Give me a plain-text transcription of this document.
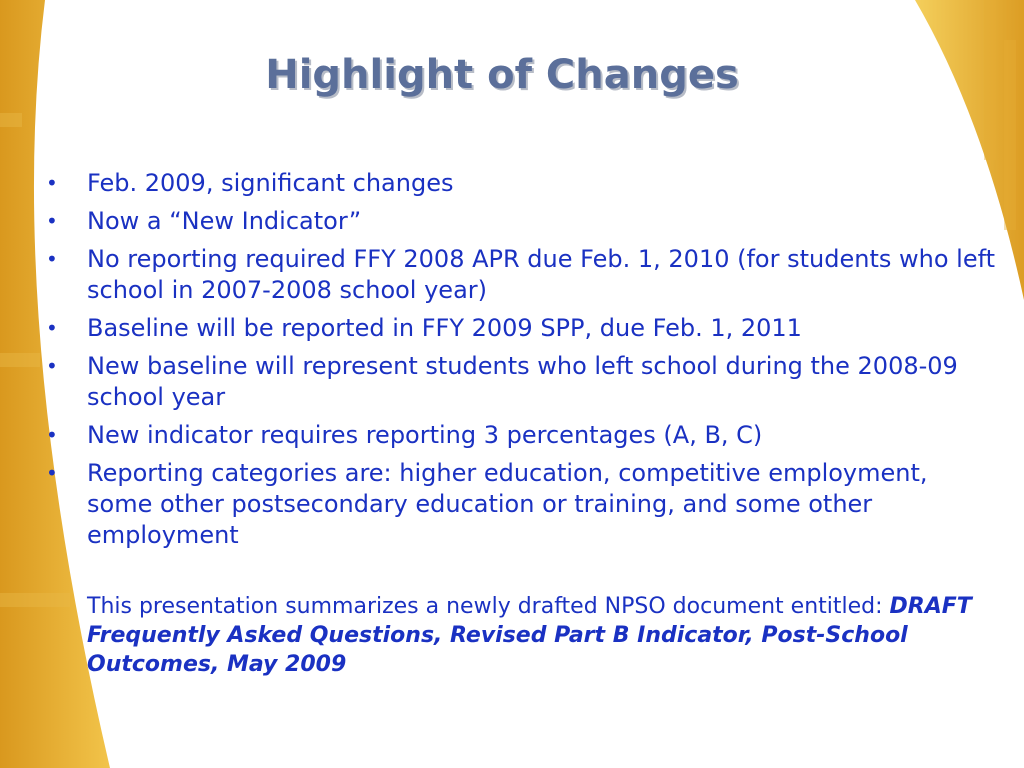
Highlight of Changes
• Feb. 2009, significant changes
• Now a “New Indicator”
• No reporting required FFY 2008 APR due Feb. 1, 2010 (for students who left school in 2007-2008 school year)
• Baseline will be reported in FFY 2009 SPP, due Feb. 1, 2011
• New baseline will represent students who left school during the 2008-09 school year
• New indicator requires reporting 3 percentages (A, B, C)
• Reporting categories are: higher education, competitive employment, some other postsecondary education or training, and some other employment
This presentation summarizes a newly drafted NPSO document entitled: DRAFT Frequently Asked Questions, Revised Part B Indicator, Post-School Outcomes, May 2009
